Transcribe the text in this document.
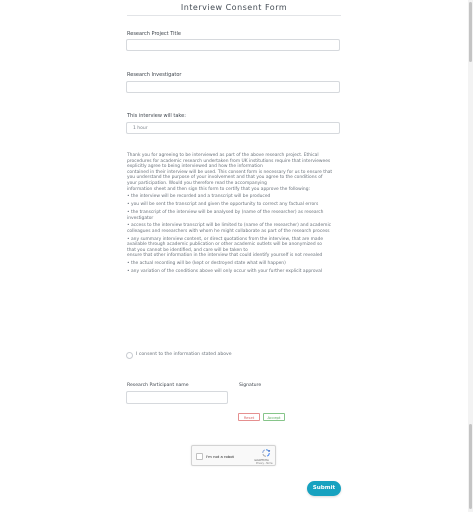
Interview Consent Form
Research Project Title
Research Investigator
This interview will take:
1 hour

Thank you for agreeing to be interviewed as part of the above research project. Ethical
procedures for academic research undertaken from UK institutions require that interviewees
explicitly agree to being interviewed and how the information
contained in their interview will be used. This consent form is necessary for us to ensure that
you understand the purpose of your involvement and that you agree to the conditions of
your participation. Would you therefore read the accompanying
information sheet and then sign this form to certify that you approve the following:

• the interview will be recorded and a transcript will be produced

• you will be sent the transcript and given the opportunity to correct any factual errors

• the transcript of the interview will be analysed by (name of the researcher) as research
investigator

• access to the interview transcript will be limited to (name of the researcher) and academic
colleagues and researchers with whom he might collaborate as part of the research process

• any summary interview content, or direct quotations from the interview, that are made
available through academic publication or other academic outlets will be anonymized so
that you cannot be identified, and care will be taken to
ensure that other information in the interview that could identify yourself is not revealed

• the actual recording will be (kept or destroyed state what will happen)

• any variation of the conditions above will only occur with your further explicit approval

I consent to the information stated above
Research Participant name	Signature
Reset	Accept
I'm not a robot
reCAPTCHA
Privacy - Terms
Submit
